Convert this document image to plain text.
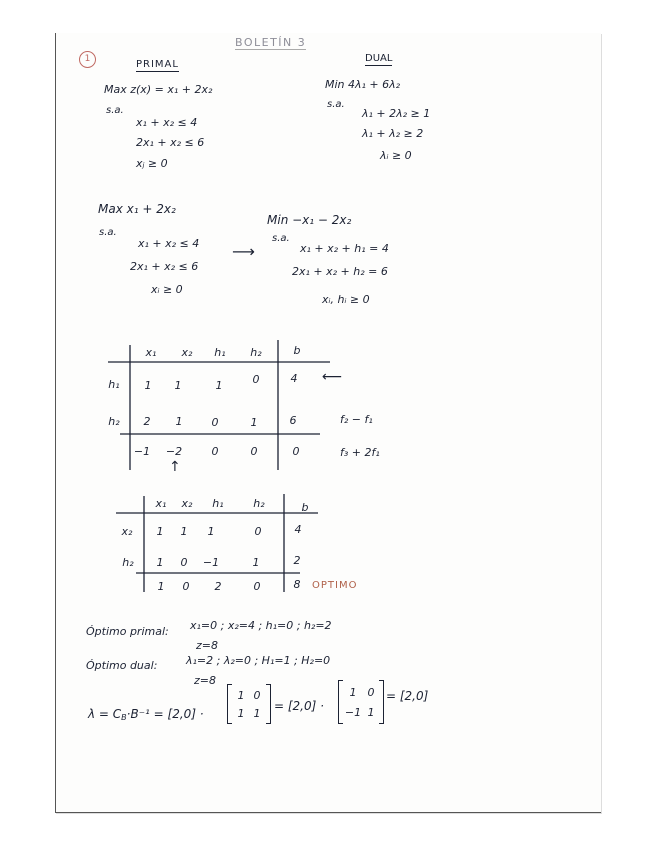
BOLETÍN 3
1	PRIMAL
Max z(x) = x₁ + 2x₂
s.a.
x₁ + x₂ ≤ 4
2x₁ + x₂ ≤ 6
xⱼ ≥ 0
DUAL
Min 4λ₁ + 6λ₂
s.a.
λ₁ + 2λ₂ ≥ 1
λ₁ + λ₂ ≥ 2
λᵢ ≥ 0
Max x₁ + 2x₂
s.a.
x₁ + x₂ ≤ 4
2x₁ + x₂ ≤ 6
xᵢ ≥ 0
⟶
Min −x₁ − 2x₂
s.a.
x₁ + x₂ + h₁ = 4
2x₁ + x₂ + h₂ = 6
xᵢ, hᵢ ≥ 0
x₁ x₂ h₁ h₂	b
h₁ 1 1	1	0	4 ⟵
h₂ 2 1	0	1	6	f₂ − f₁
−1 −2	0	0	0	f₃ + 2f₁
↑
x₁ x₂ h₁	h₂	b
x₂ 1 1 1	0	4
h₂ 1 0 −1	1	2
1 0 2	0	8 OPTIMO
Óptimo primal: x₁=0 ; x₂=4 ; h₁=0 ; h₂=2
z=8
Óptimo dual:	λ₁=2 ; λ₂=0 ; H₁=1 ; H₂=0
z=8
λ = CB·B⁻¹ = [2,0] ·
1 0
1 1
= [2,0] ·
1 0
−1 1
= [2,0]
